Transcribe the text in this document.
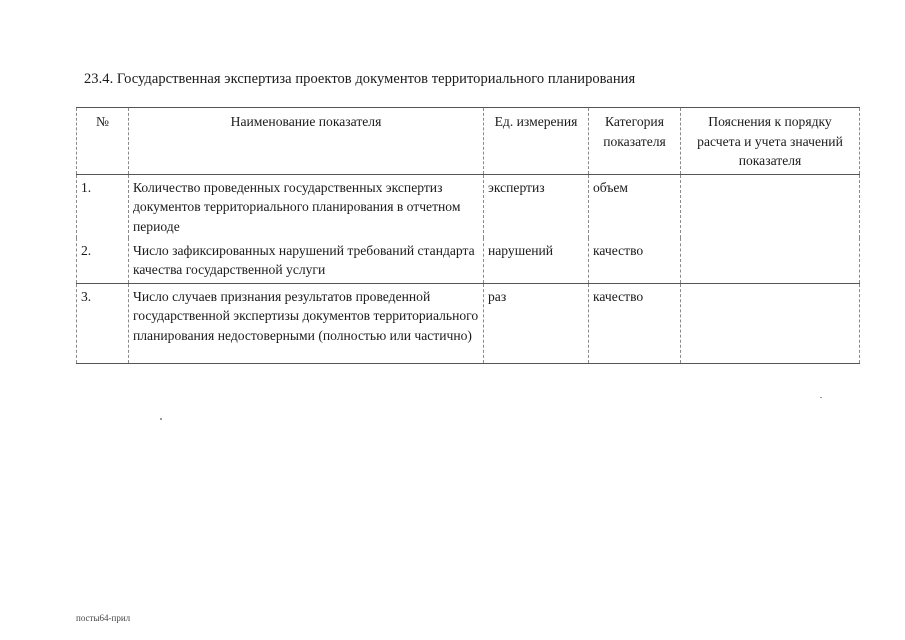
23.4. Государственная экспертиза проектов документов территориального планирования
№	Наименование показателя	Ед. измерения	Категория показателя	Пояснения к порядку расчета и учета значений показателя
1.	Количество проведенных государственных экспертиз документов территориального планирования в отчетном периоде	экспертиз	объем	
2.	Число зафиксированных нарушений требований стандарта качества государственной услуги	нарушений	качество	
3.	Число случаев признания результатов проведенной государственной экспертизы документов территориального планирования недостоверными (полностью или частично)	раз	качество	
посты64-прил
